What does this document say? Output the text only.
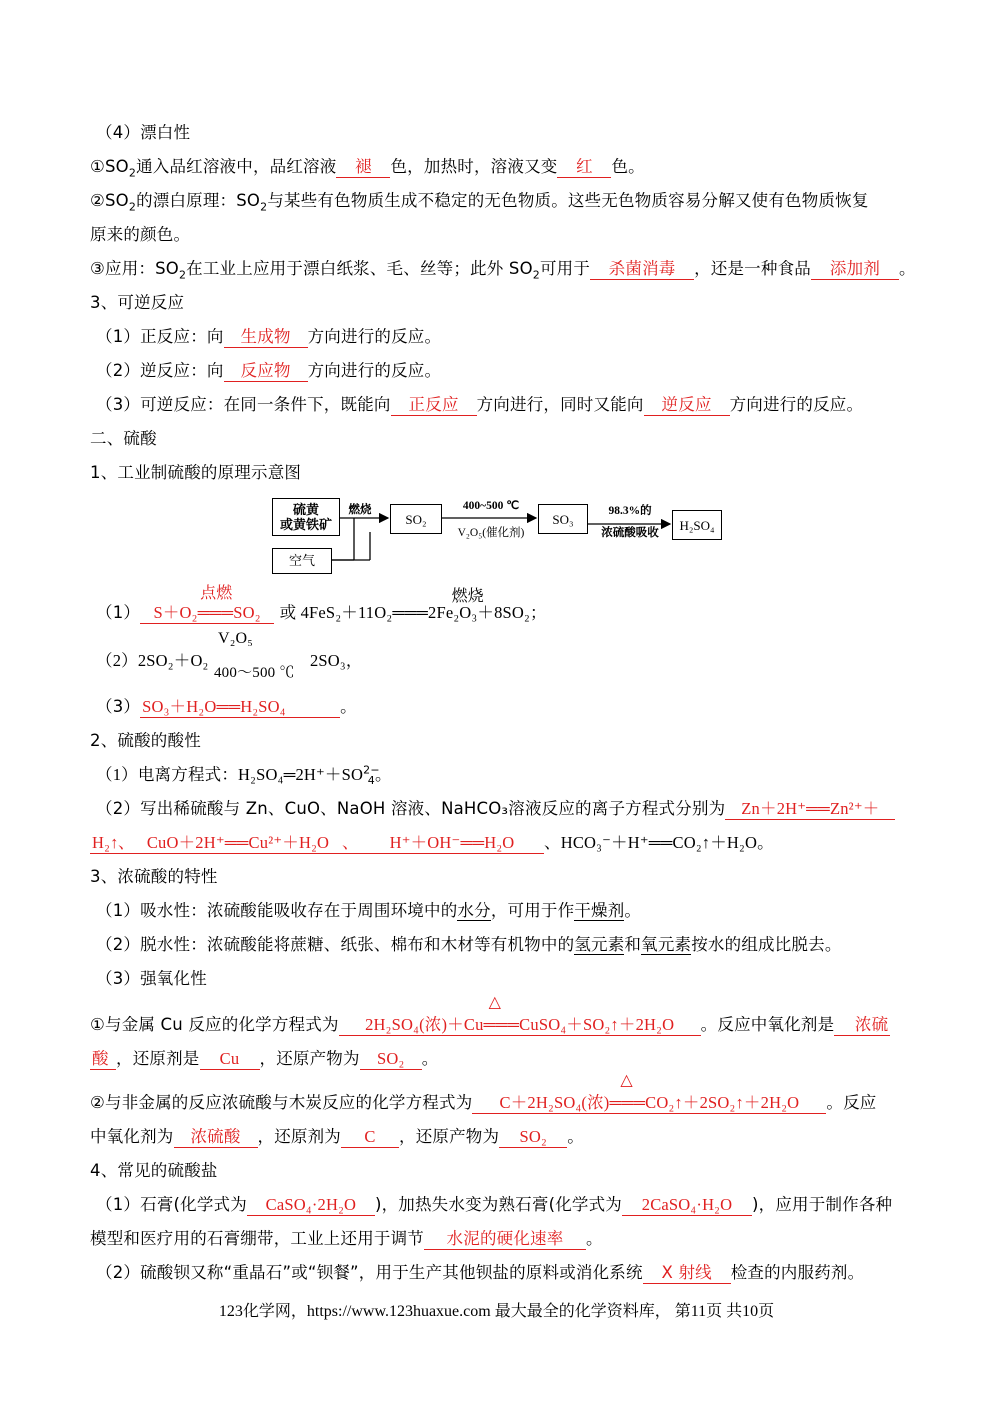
（4）漂白性
$①SO_2$通入品红溶液中，品红溶液 褪 色，加热时，溶液又变 红 色。
$②SO_2$的漂白原理：$SO_2$与某些有色物质生成不稳定的无色物质。这些无色物质容易分解又使有色物质恢复
原来的颜色。
③应用：$SO_2$在工业上应用于漂白纸浆、毛、丝等；此外 $SO_2$可用于 杀菌消毒 ，还是一种食品 添加剂 。
3、可逆反应
（1）正反应：向 生成物 方向进行的反应。
（2）逆反应：向 反应物 方向进行的反应。
（3）可逆反应：在同一条件下，既能向 正反应 方向进行，同时又能向 逆反应 方向进行的反应。
二、硫酸
1、工业制硫酸的原理示意图
硫黄
或黄铁矿
空气
SO₂	SO₃	H₂SO₄
燃烧	400~500 ℃
V₂O₅(催化剂)
98.3%的
浓硫酸吸收
（1）
点燃
S＋O₂═══SO₂ 或 4FeS₂＋11O₂
燃烧
═══2Fe₂O₃＋8SO₂；
（2）2SO₂＋O₂
V₂O₅
400～500 ℃
2SO₃，
（3） SO₃＋H₂O══H₂SO₄	。
2、硫酸的酸性
（1）电离方程式：$H_2SO_4═2H^++SO^{2-}_4$。
（2）写出稀硫酸与 Zn、CuO、NaOH 溶液、NaHCO₃溶液反应的离子方程式分别为 Zn＋2H⁺══Zn²⁺＋
H₂↑、 CuO＋2H⁺══Cu²⁺＋H₂O 、 H⁺＋OH⁻══H₂O 、HCO₃⁻＋H⁺══CO₂↑＋H₂O。
3、浓硫酸的特性
（1）吸水性：浓硫酸能吸收存在于周围环境中的水分，可用于作干燥剂。
（2）脱水性：浓硫酸能将蔗糖、纸张、棉布和木材等有机物中的氢元素和氧元素按水的组成比脱去。
（3）强氧化性
①与金属 Cu 反应的化学方程式为
△
2H₂SO₄(浓)＋Cu═══CuSO₄＋SO₂↑＋2H₂O 。反应中氧化剂是 浓硫
酸 ，还原剂是 Cu ，还原产物为 SO₂ 。
②与非金属的反应浓硫酸与木炭反应的化学方程式为
△
C＋2H₂SO₄(浓)═══CO₂↑＋2SO₂↑＋2H₂O 。反应
中氧化剂为 浓硫酸 ，还原剂为 C ，还原产物为 SO₂ 。
4、常见的硫酸盐
（1）石膏(化学式为 CaSO₄·2H₂O )，加热失水变为熟石膏(化学式为 2CaSO₄·H₂O )，应用于制作各种
模型和医疗用的石膏绷带，工业上还用于调节 水泥的硬化速率 。
（2）硫酸钡又称“重晶石”或“钡餐”，用于生产其他钡盐的原料或消化系统 X 射线 检查的内服药剂。
123化学网，https://www.123huaxue.com 最大最全的化学资料库， 第11页 共10页
